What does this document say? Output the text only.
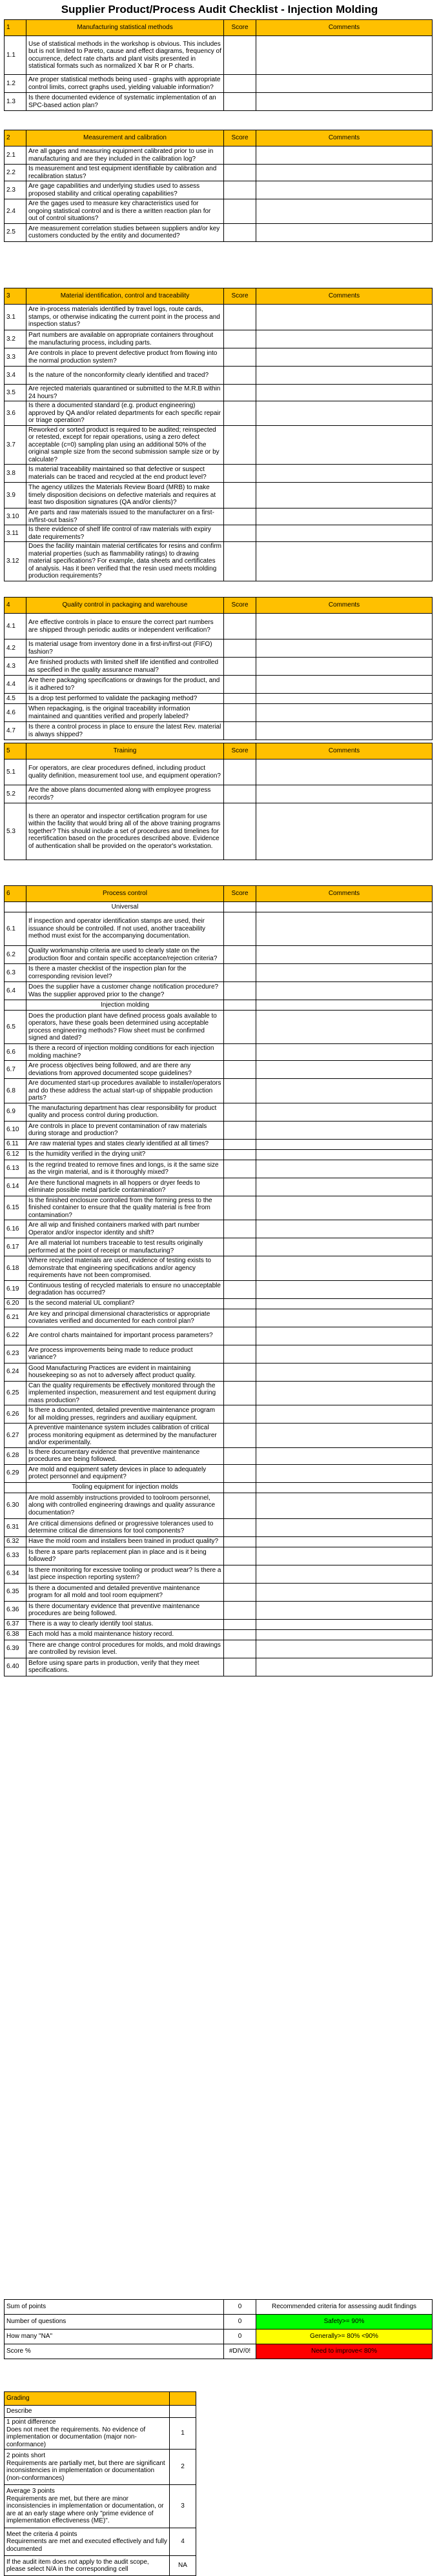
Supplier Product/Process Audit Checklist - Injection Molding
1	Manufacturing statistical methods	Score	Comments
1.1	Use of statistical methods in the workshop is obvious. This includes but is not limited to Pareto, cause and effect diagrams, frequency of occurrence, defect rate charts and plant visits presented in statistical formats such as normalized X bar R or P charts.		
1.2	Are proper statistical methods being used - graphs with appropriate control limits, correct graphs used, yielding valuable information?		
1.3	Is there documented evidence of systematic implementation of an SPC-based action plan?		
2	Measurement and calibration	Score	Comments
2.1	Are all gages and measuring equipment calibrated prior to use in manufacturing and are they included in the calibration log?		
2.2	Is measurement and test equipment identifiable by calibration and recalibration status?		
2.3	Are gage capabilities and underlying studies used to assess proposed stability and critical operating capabilities?		
2.4	Are the gages used to measure key characteristics used for ongoing statistical control and is there a written reaction plan for out of control situations?		
2.5	Are measurement correlation studies between suppliers and/or key customers conducted by the entity and documented?		
3	Material identification, control and traceability	Score	Comments
3.1	Are in-process materials identified by travel logs, route cards, stamps, or otherwise indicating the current point in the process and inspection status?		
3.2	Part numbers are available on appropriate containers throughout the manufacturing process, including parts.		
3.3	Are controls in place to prevent defective product from flowing into the normal production system?		
3.4	Is the nature of the nonconformity clearly identified and traced?		
3.5	Are rejected materials quarantined or submitted to the M.R.B within 24 hours?		
3.6	Is there a documented standard (e.g. product engineering) approved by QA and/or related departments for each specific repair or triage operation?		
3.7	Reworked or sorted product is required to be audited; reinspected or retested, except for repair operations, using a zero defect acceptable (c=0) sampling plan using an additional 50% of the original sample size from the second submission sample size or by calculate?		
3.8	Is material traceability maintained so that defective or suspect materials can be traced and recycled at the end product level?		
3.9	The agency utilizes the Materials Review Board (MRB) to make timely disposition decisions on defective materials and requires at least two disposition signatures (QA and/or clients)?		
3.10	Are parts and raw materials issued to the manufacturer on a first-in/first-out basis?		
3.11	Is there evidence of shelf life control of raw materials with expiry date requirements?		
3.12	Does the facility maintain material certificates for resins and confirm material properties (such as flammability ratings) to drawing material specifications? For example, data sheets and certificates of analysis. Has it been verified that the resin used meets molding production requirements?		
4	Quality control in packaging and warehouse	Score	Comments
4.1	Are effective controls in place to ensure the correct part numbers are shipped through periodic audits or independent verification?		
4.2	Is material usage from inventory done in a first-in/first-out (FIFO) fashion?		
4.3	Are finished products with limited shelf life identified and controlled as specified in the quality assurance manual?		
4.4	Are there packaging specifications or drawings for the product, and is it adhered to?		
4.5	Is a drop test performed to validate the packaging method?		
4.6	When repackaging, is the original traceability information maintained and quantities verified and properly labeled?		
4.7	Is there a control process in place to ensure the latest Rev. material is always shipped?		
5	Training	Score	Comments
5.1	For operators, are clear procedures defined, including product quality definition, measurement tool use, and equipment operation?		
5.2	Are the above plans documented along with employee progress records?		
5.3	Is there an operator and inspector certification program for use within the facility that would bring all of the above training programs together? This should include a set of procedures and timelines for recertification based on the procedures described above. Evidence of authentication shall be provided on the operator's workstation.		
6	Process control	Score	Comments
	Universal		
6.1	If inspection and operator identification stamps are used, their issuance should be controlled. If not used, another traceability method must exist for the accompanying documentation.		
6.2	Quality workmanship criteria are used to clearly state on the production floor and contain specific acceptance/rejection criteria?		
6.3	Is there a master checklist of the inspection plan for the corresponding revision level?		
6.4	Does the supplier have a customer change notification procedure? Was the supplier approved prior to the change?		
	Injection molding		
6.5	Does the production plant have defined process goals available to operators, have these goals been determined using acceptable process engineering methods? Flow sheet must be confirmed signed and dated?		
6.6	Is there a record of injection molding conditions for each injection molding machine?		
6.7	Are process objectives being followed, and are there any deviations from approved documented scope guidelines?		
6.8	Are documented start-up procedures available to installer/operators and do these address the actual start-up of shippable production parts?		
6.9	The manufacturing department has clear responsibility for product quality and process control during production.		
6.10	Are controls in place to prevent contamination of raw materials during storage and production?		
6.11	Are raw material types and states clearly identified at all times?		
6.12	Is the humidity verified in the drying unit?		
6.13	Is the regrind treated to remove fines and longs, is it the same size as the virgin material, and is it thoroughly mixed?		
6.14	Are there functional magnets in all hoppers or dryer feeds to eliminate possible metal particle contamination?		
6.15	Is the finished enclosure controlled from the forming press to the finished container to ensure that the quality material is free from contamination?		
6.16	Are all wip and finished containers marked with part number Operator and/or inspector identity and shift?		
6.17	Are all material lot numbers traceable to test results originally performed at the point of receipt or manufacturing?		
6.18	Where recycled materials are used, evidence of testing exists to demonstrate that engineering specifications and/or agency requirements have not been compromised.		
6.19	Continuous testing of recycled materials to ensure no unacceptable degradation has occurred?		
6.20	Is the second material UL compliant?		
6.21	Are key and principal dimensional characteristics or appropriate covariates verified and documented for each control plan?		
6.22	Are control charts maintained for important process parameters?		
6.23	Are process improvements being made to reduce product variance?		
6.24	Good Manufacturing Practices are evident in maintaining housekeeping so as not to adversely affect product quality.		
6.25	Can the quality requirements be effectively monitored through the implemented inspection, measurement and test equipment during mass production?		
6.26	Is there a documented, detailed preventive maintenance program for all molding presses, regrinders and auxiliary equipment.		
6.27	A preventive maintenance system includes calibration of critical process monitoring equipment as determined by the manufacturer and/or experimentally.		
6.28	Is there documentary evidence that preventive maintenance procedures are being followed.		
6.29	Are mold and equipment safety devices in place to adequately protect personnel and equipment?		
	Tooling equipment for injection molds		
6.30	Are mold assembly instructions provided to toolroom personnel, along with controlled engineering drawings and quality assurance documentation?		
6.31	Are critical dimensions defined or progressive tolerances used to determine critical die dimensions for tool components?		
6.32	Have the mold room and installers been trained in product quality?		
6.33	Is there a spare parts replacement plan in place and is it being followed?		
6.34	Is there monitoring for excessive tooling or product wear? Is there a last piece inspection reporting system?		
6.35	Is there a documented and detailed preventive maintenance program for all mold and tool room equipment?		
6.36	Is there documentary evidence that preventive maintenance procedures are being followed.		
6.37	There is a way to clearly identify tool status.		
6.38	Each mold has a mold maintenance history record.		
6.39	There are change control procedures for molds, and mold drawings are controlled by revision level.		
6.40	Before using spare parts in production, verify that they meet specifications.		
Sum of points	0	Recommended criteria for assessing audit findings
Number of questions	0	Safety>= 90%
How many "NA"	0	Generally>= 80% <90%
Score %	#DIV/0!	Need to improve< 80%
Grading	
Describe	
1 point difference
Does not meet the requirements. No evidence of implementation or documentation (major non-conformance)	1
2 points short
Requirements are partially met, but there are significant inconsistencies in implementation or documentation (non-conformances)	2
Average 3 points
Requirements are met, but there are minor inconsistencies in implementation or documentation, or are at an early stage where only "prime evidence of implementation effectiveness (ME)".	3
Meet the criteria 4 points
Requirements are met and executed effectively and fully documented	4
If the audit item does not apply to the audit scope, please select N/A in the corresponding cell	NA
